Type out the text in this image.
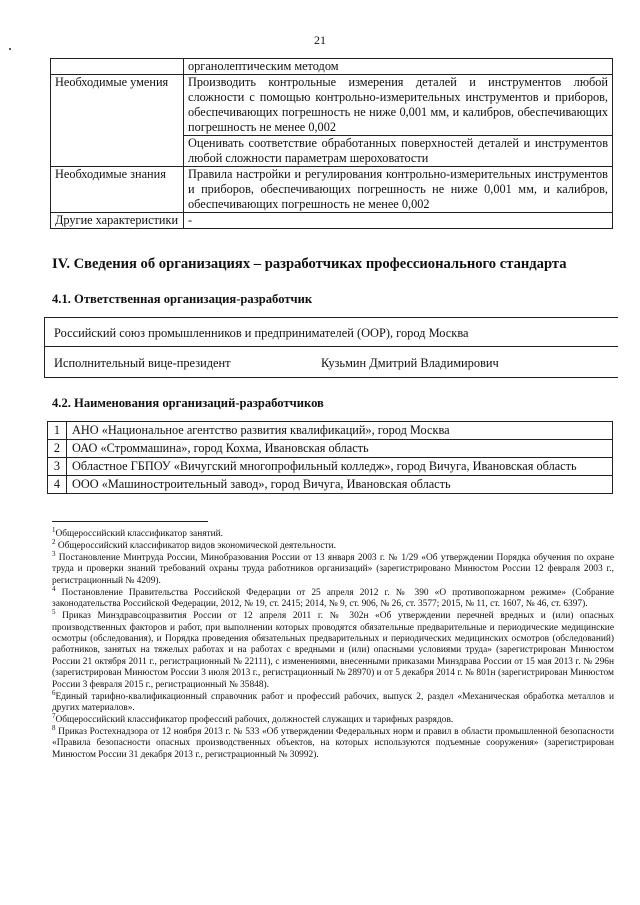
21
	органолептическим методом
Необходимые умения	Производить контрольные измерения деталей и инструментов любой сложности с помощью контрольно-измерительных инструментов и приборов, обеспечивающих погрешность не ниже 0,001 мм, и калибров, обеспечивающих погрешность не менее 0,002
	Оценивать соответствие обработанных поверхностей деталей и инструментов любой сложности параметрам шероховатости
Необходимые знания	Правила настройки и регулирования контрольно-измерительных инструментов и приборов, обеспечивающих погрешность не ниже 0,001 мм, и калибров, обеспечивающих погрешность не менее 0,002
Другие характеристики	-
IV. Сведения об организациях – разработчиках профессионального стандарта
4.1. Ответственная организация-разработчик
Российский союз промышленников и предпринимателей (ООР), город Москва
Исполнительный вице-президент	Кузьмин Дмитрий Владимирович
4.2. Наименования организаций-разработчиков
1	АНО «Национальное агентство развития квалификаций», город Москва
2	ОАО «Строммашина», город Кохма, Ивановская область
3	Областное ГБПОУ «Вичугский многопрофильный колледж», город Вичуга, Ивановская область
4	ООО «Машиностроительный завод», город Вичуга, Ивановская область

$^1$Общероссийский классификатор занятий.

$^2$ Общероссийский классификатор видов экономической деятельности.

$^3$ Постановление Минтруда России, Минобразования России от 13 января 2003 г. № 1/29 «Об утверждении Порядка обучения по охране труда и проверки знаний требований охраны труда работников организаций» (зарегистрировано Минюстом России 12 февраля 2003 г., регистрационный № 4209).

$^4$ Постановление Правительства Российской Федерации от 25 апреля 2012 г. № 390 «О противопожарном режиме» (Собрание законодательства Российской Федерации, 2012, № 19, ст. 2415; 2014, № 9, ст. 906, № 26, ст. 3577; 2015, № 11, ст. 1607, № 46, ст. 6397).

$^5$ Приказ Минздравсоцразвития России от 12 апреля 2011 г. № 302н «Об утверждении перечней вредных и (или) опасных производственных факторов и работ, при выполнении которых проводятся обязательные предварительные и периодические медицинские осмотры (обследования), и Порядка проведения обязательных предварительных и периодических медицинских осмотров (обследований) работников, занятых на тяжелых работах и на работах с вредными и (или) опасными условиями труда» (зарегистрирован Минюстом России 21 октября 2011 г., регистрационный № 22111), с изменениями, внесенными приказами Минздрава России от 15 мая 2013 г. № 296н (зарегистрирован Минюстом России 3 июля 2013 г., регистрационный № 28970) и от 5 декабря 2014 г. № 801н (зарегистрирован Минюстом России 3 февраля 2015 г., регистрационный № 35848).

$^6$Единый тарифно-квалификационный справочник работ и профессий рабочих, выпуск 2, раздел «Механическая обработка металлов и других материалов».

$^7$Общероссийский классификатор профессий рабочих, должностей служащих и тарифных разрядов.

$^8$ Приказ Ростехнадзора от 12 ноября 2013 г. № 533 «Об утверждении Федеральных норм и правил в области промышленной безопасности «Правила безопасности опасных производственных объектов, на которых используются подъемные сооружения» (зарегистрирован Минюстом России 31 декабря 2013 г., регистрационный № 30992).
